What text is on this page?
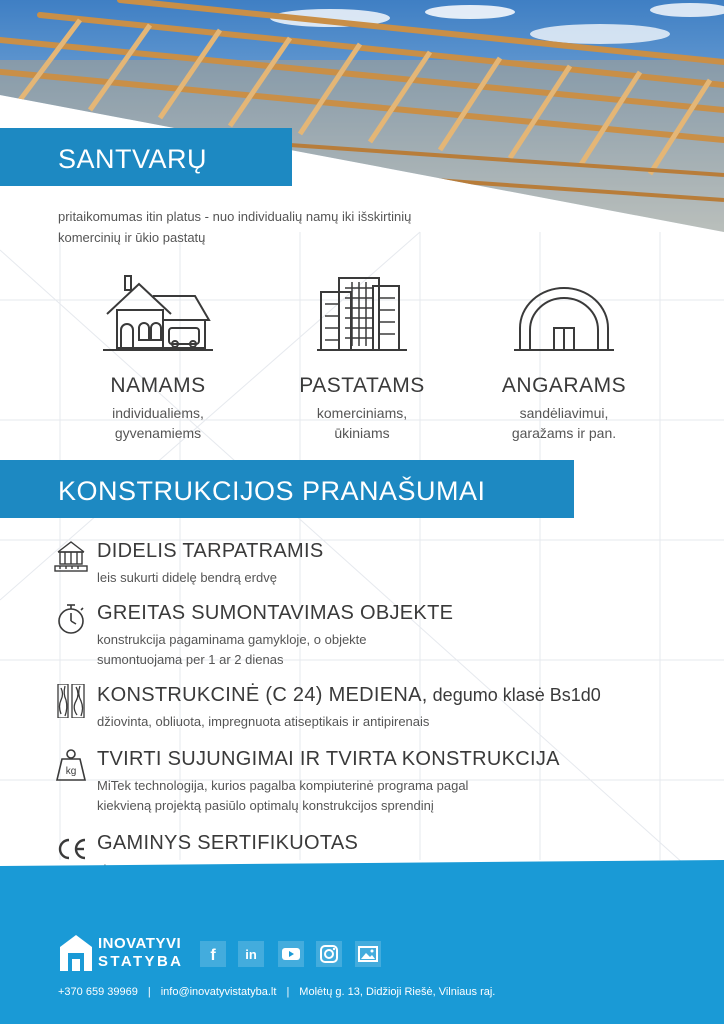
SANTVARŲ
pritaikomumas itin platus - nuo individualių namų iki išskirtinių
komercinių ir ūkio pastatų
NAMAMS	PASTATAMS	ANGARAMS
individualiems,
gyvenamiems
komerciniams,
ūkiniams
sandėliavimui,
garažams ir pan.
KONSTRUKCIJOS PRANAŠUMAI
DIDELIS TARPATRAMIS
leis sukurti didelę bendrą erdvę
GREITAS SUMONTAVIMAS OBJEKTE
konstrukcija pagaminama gamykloje, o objekte
sumontuojama per 1 ar 2 dienas
KONSTRUKCINĖ (C 24) MEDIENA, degumo klasė Bs1d0
džiovinta, obliuota, impregnuota atiseptikais ir antipirenais
kg
TVIRTI SUJUNGIMAI IR TVIRTA KONSTRUKCIJA
MiTek technologija, kurios pagalba kompiuterinė programa pagal
kiekvieną projektą pasiūlo optimalų konstrukcijos sprendinį
GAMINYS SERTIFIKUOTAS
INOVATYVI
STATYBA f in
+370 659 39969 | info@inovatyvistatyba.lt | Molėtų g. 13, Didžioji Riešė, Vilniaus raj.
